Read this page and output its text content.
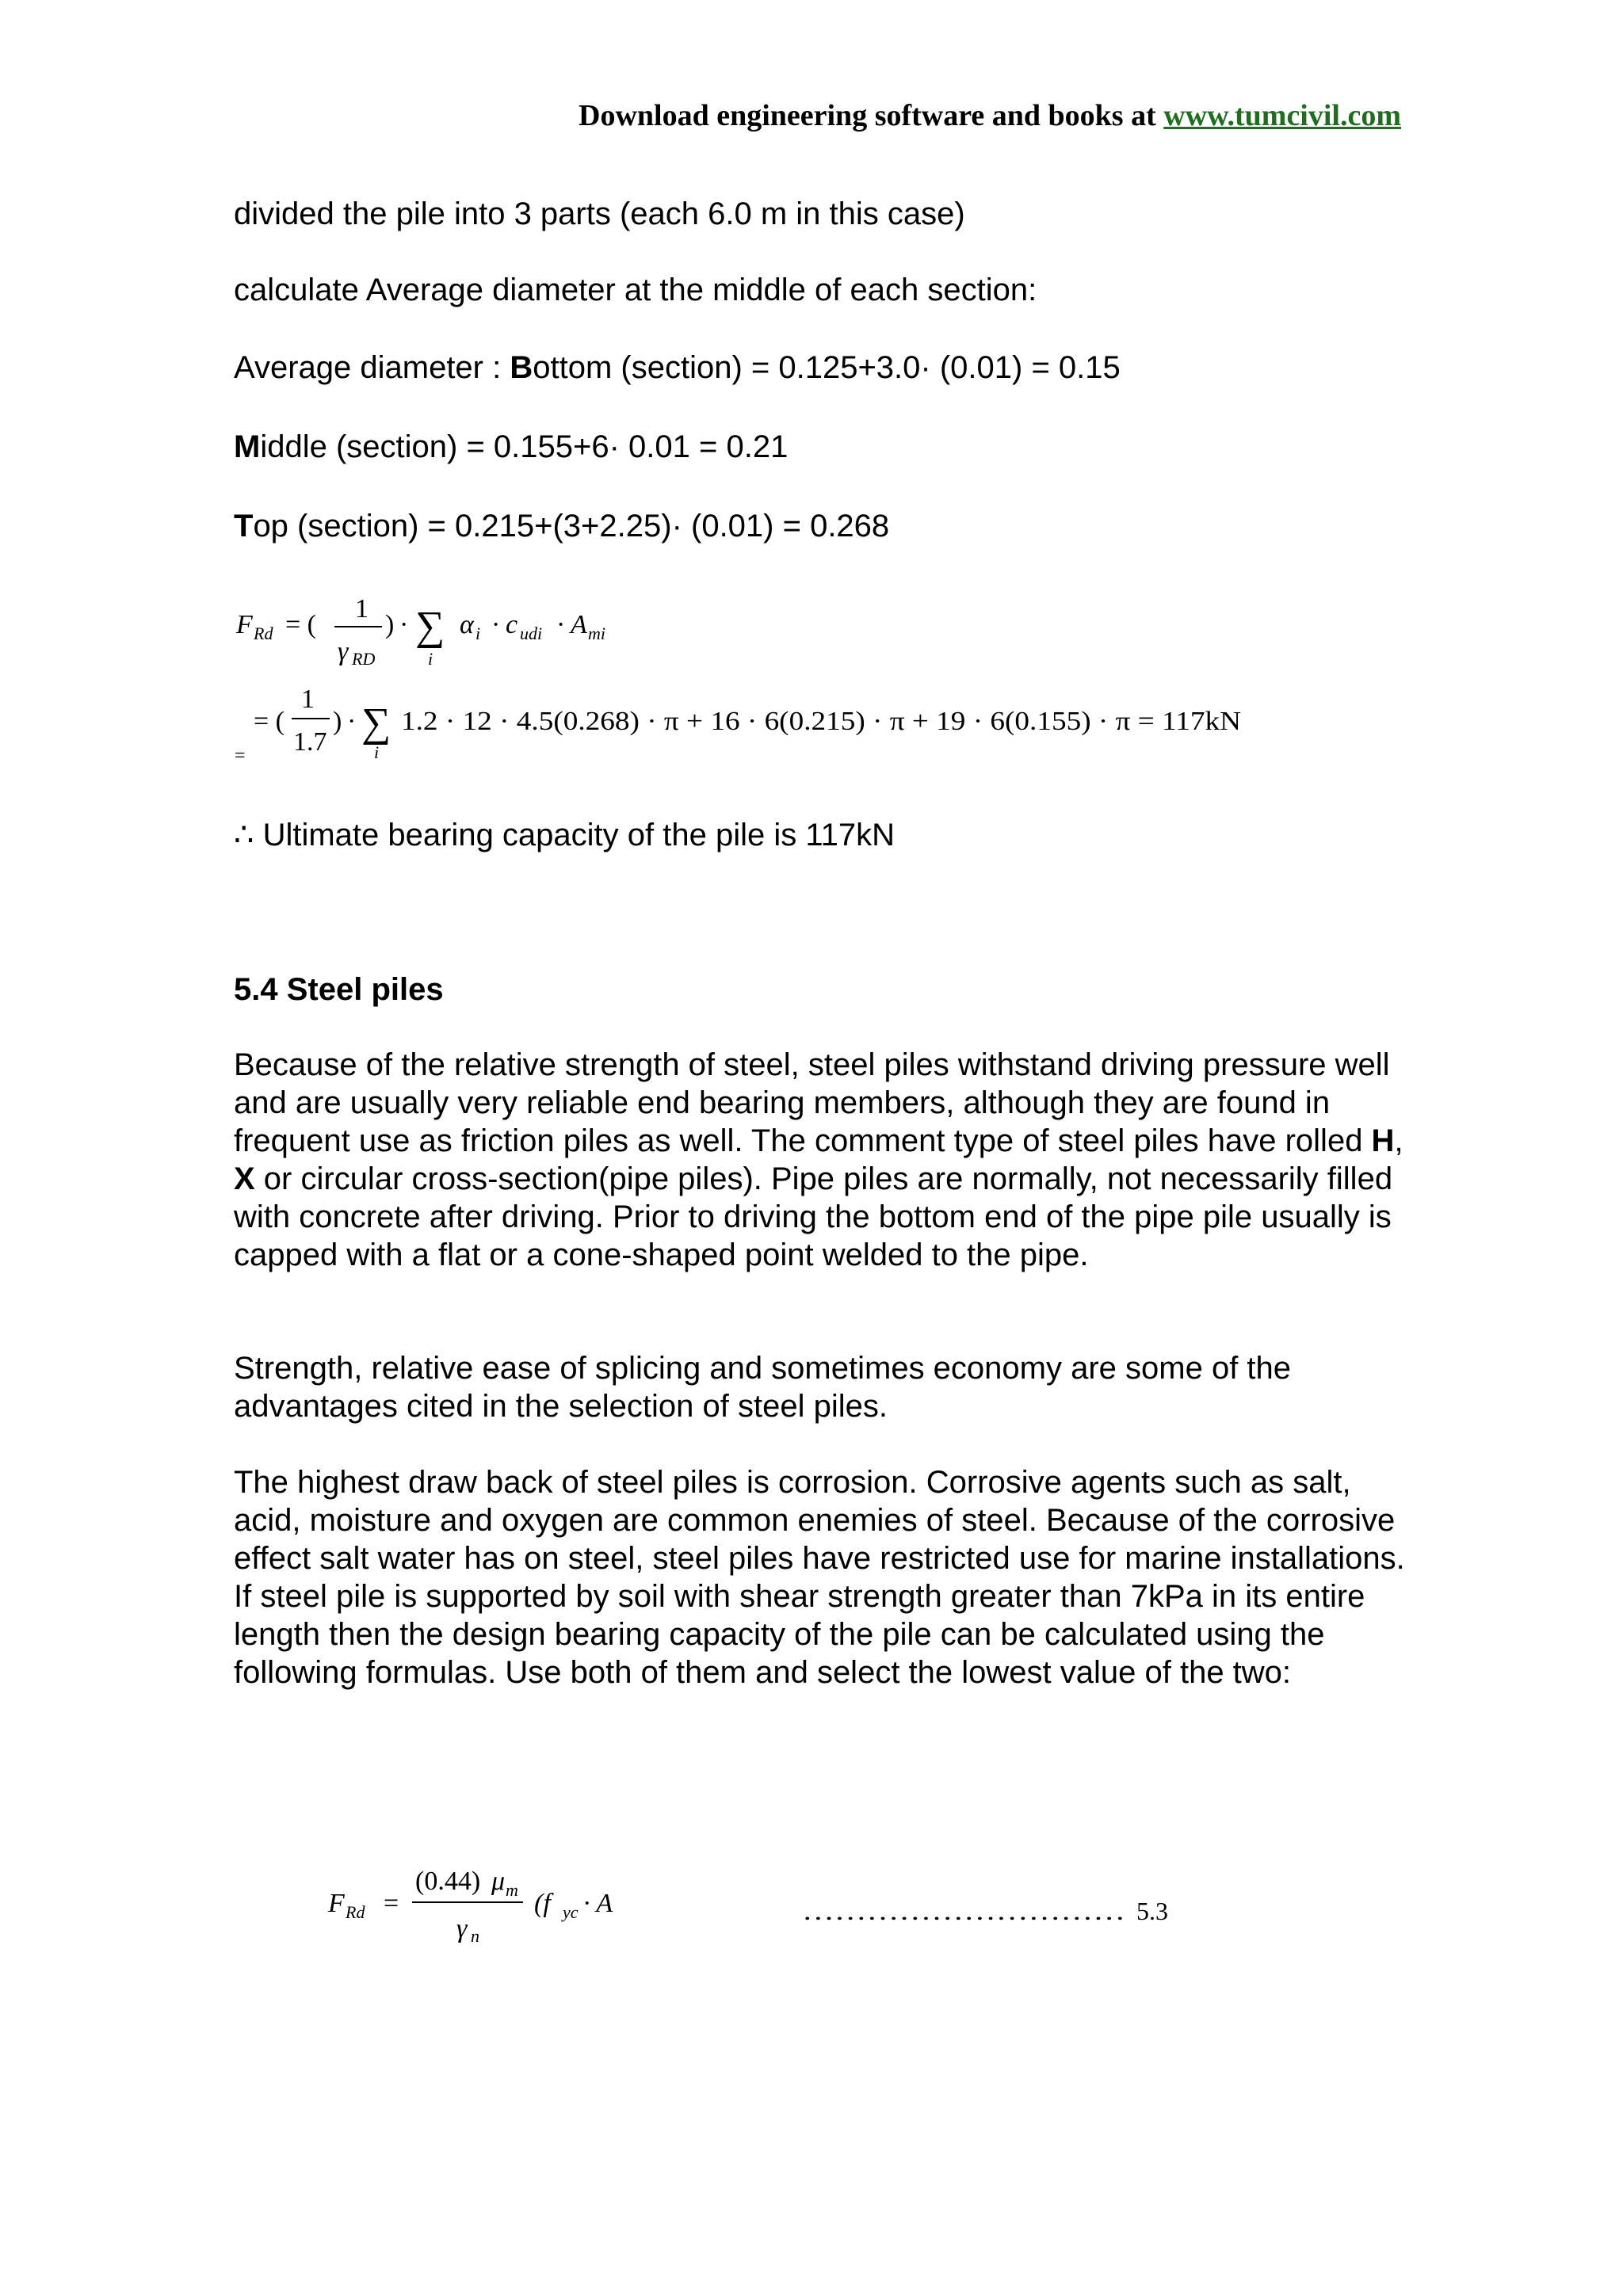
Download engineering software and books at www.tumcivil.com
divided the pile into 3 parts (each 6.0 m in this case)
calculate Average diameter at the middle of each section:
Average diameter : Bottom (section) = 0.125+3.0· (0.01) = 0.15
Middle (section) = 0.155+6· 0.01 = 0.21
Top (section) = 0.215+(3+2.25)· (0.01) = 0.268
F Rd = (
1
γ RD
) · ∑
i
α i · c udi · A mi
= (
1
1.7
) · ∑
i
1.2 · 12 · 4.5(0.268) · π + 16 · 6(0.215) · π + 19 · 6(0.155) · π = 117kN
=
∴ Ultimate bearing capacity of the pile is 117kN
5.4 Steel piles
Because of the relative strength of steel, steel piles withstand driving pressure well and are usually very reliable end bearing members, although they are found in frequent use as friction piles as well. The comment type of steel piles have rolled H, X or circular cross-section(pipe piles). Pipe piles are normally, not necessarily filled with concrete after driving. Prior to driving the bottom end of the pipe pile usually is capped with a flat or a cone-shaped point welded to the pipe.
Strength, relative ease of splicing and sometimes economy are some of the advantages cited in the selection of steel piles.
The highest draw back of steel piles is corrosion. Corrosive agents such as salt, acid, moisture and oxygen are common enemies of steel. Because of the corrosive effect salt water has on steel, steel piles have restricted use for marine installations. If steel pile is supported by soil with shear strength greater than 7kPa in its entire length then the design bearing capacity of the pile can be calculated using the following formulas. Use both of them and select the lowest value of the two:
F Rd =
(0.44) μ m
γ n
(f yc · A	………………………… 5.3
